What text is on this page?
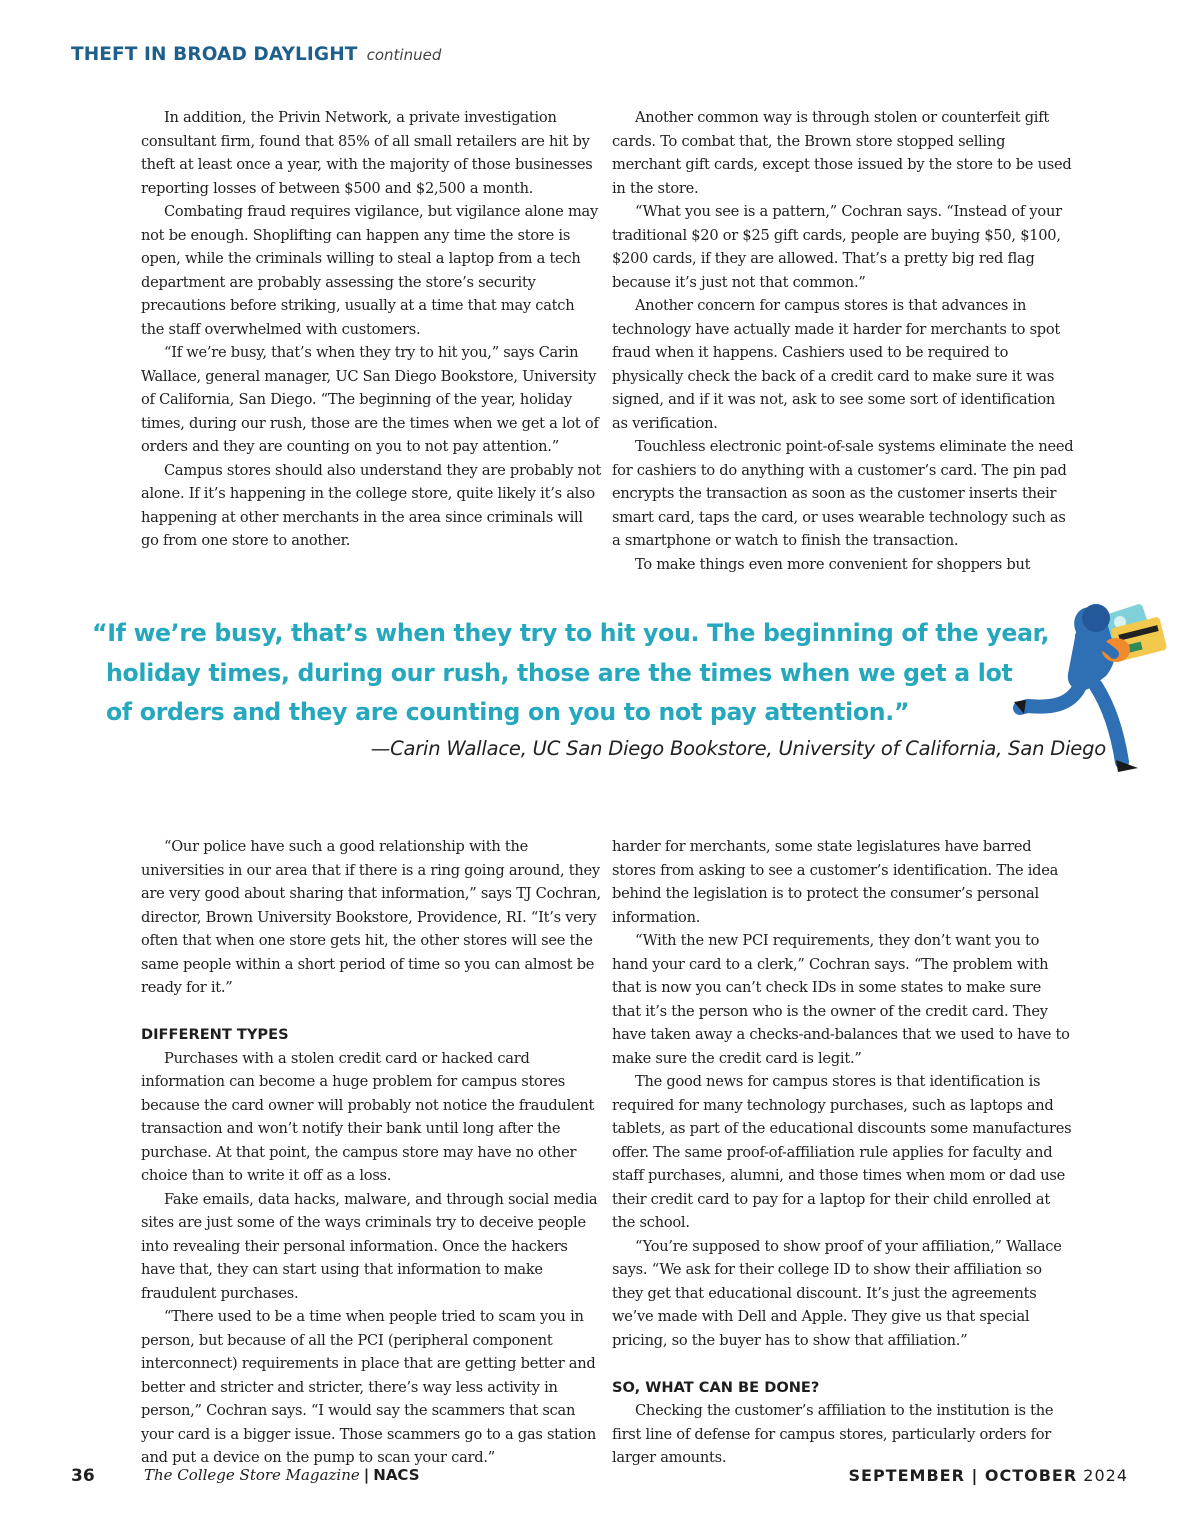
THEFT IN BROAD DAYLIGHT continued

In addition, the Privin Network, a private investigation consultant firm, found that 85% of all small retailers are hit by theft at least once a year, with the majority of those businesses reporting losses of between $500 and $2,500 a month.

Combating fraud requires vigilance, but vigilance alone may not be enough. Shoplifting can happen any time the store is open, while the criminals willing to steal a laptop from a tech department are probably assessing the store’s security precautions before striking, usually at a time that may catch the staff overwhelmed with customers.

“If we’re busy, that’s when they try to hit you,” says Carin Wallace, general manager, UC San Diego Bookstore, University of California, San Diego. “The beginning of the year, holiday times, during our rush, those are the times when we get a lot of orders and they are counting on you to not pay attention.”

Campus stores should also understand they are probably not alone. If it’s happening in the college store, quite likely it’s also happening at other merchants in the area since criminals will go from one store to another.

Another common way is through stolen or counterfeit gift cards. To combat that, the Brown store stopped selling merchant gift cards, except those issued by the store to be used in the store.

“What you see is a pattern,” Cochran says. “Instead of your traditional $20 or $25 gift cards, people are buying $50, $100, $200 cards, if they are allowed. That’s a pretty big red flag because it’s just not that common.”

Another concern for campus stores is that advances in technology have actually made it harder for merchants to spot fraud when it happens. Cashiers used to be required to physically check the back of a credit card to make sure it was signed, and if it was not, ask to see some sort of identification as verification.

Touchless electronic point-of-sale systems eliminate the need for cashiers to do anything with a customer’s card. The pin pad encrypts the transaction as soon as the customer inserts their smart card, taps the card, or uses wearable technology such as a smartphone or watch to finish the transaction.

To make things even more convenient for shoppers but

“If we’re busy, that’s when they try to hit you. The beginning of the year,
holiday times, during our rush, those are the times when we get a lot
of orders and they are counting on you to not pay attention.”
—Carin Wallace, UC San Diego Bookstore, University of California, San Diego

“Our police have such a good relationship with the universities in our area that if there is a ring going around, they are very good about sharing that information,” says TJ Cochran, director, Brown University Bookstore, Providence, RI. “It’s very often that when one store gets hit, the other stores will see the same people within a short period of time so you can almost be ready for it.”

DIFFERENT TYPES

Purchases with a stolen credit card or hacked card information can become a huge problem for campus stores because the card owner will probably not notice the fraudulent transaction and won’t notify their bank until long after the purchase. At that point, the campus store may have no other choice than to write it off as a loss.

Fake emails, data hacks, malware, and through social media sites are just some of the ways criminals try to deceive people into revealing their personal information. Once the hackers have that, they can start using that information to make fraudulent purchases.

“There used to be a time when people tried to scam you in person, but because of all the PCI (peripheral component interconnect) requirements in place that are getting better and better and stricter and stricter, there’s way less activity in person,” Cochran says. “I would say the scammers that scan your card is a bigger issue. Those scammers go to a gas station and put a device on the pump to scan your card.”

harder for merchants, some state legislatures have barred stores from asking to see a customer’s identification. The idea behind the legislation is to protect the consumer’s personal information.

“With the new PCI requirements, they don’t want you to hand your card to a clerk,” Cochran says. “The problem with that is now you can’t check IDs in some states to make sure that it’s the person who is the owner of the credit card. They have taken away a checks-and-balances that we used to have to make sure the credit card is legit.”

The good news for campus stores is that identification is required for many technology purchases, such as laptops and tablets, as part of the educational discounts some manufactures offer. The same proof-of-affiliation rule applies for faculty and staff purchases, alumni, and those times when mom or dad use their credit card to pay for a laptop for their child enrolled at the school.

“You’re supposed to show proof of your affiliation,” Wallace says. “We ask for their college ID to show their affiliation so they get that educational discount. It’s just the agreements we’ve made with Dell and Apple. They give us that special pricing, so the buyer has to show that affiliation.”

SO, WHAT CAN BE DONE?

Checking the customer’s affiliation to the institution is the first line of defense for campus stores, particularly orders for larger amounts.

36	The College Store Magazine | NACS	SEPTEMBER | OCTOBER 2024
